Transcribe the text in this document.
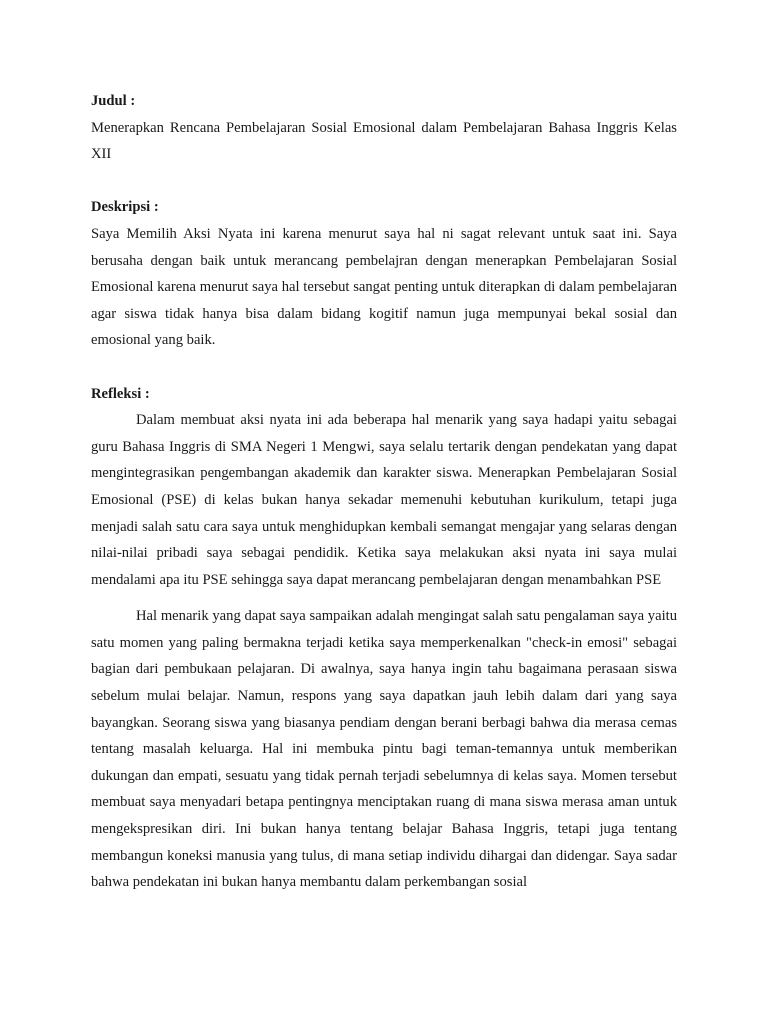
Judul :

Menerapkan Rencana Pembelajaran Sosial Emosional dalam Pembelajaran Bahasa Inggris Kelas XII

Deskripsi :

Saya Memilih Aksi Nyata ini karena menurut saya hal ni sagat relevant untuk saat ini. Saya berusaha dengan baik untuk merancang pembelajran dengan menerapkan Pembelajaran Sosial Emosional karena menurut saya hal tersebut sangat penting untuk diterapkan di dalam pembelajaran agar siswa tidak hanya bisa dalam bidang kogitif namun juga mempunyai bekal sosial dan emosional yang baik.

Refleksi :

Dalam membuat aksi nyata ini ada beberapa hal menarik yang saya hadapi yaitu sebagai guru Bahasa Inggris di SMA Negeri 1 Mengwi, saya selalu tertarik dengan pendekatan yang dapat mengintegrasikan pengembangan akademik dan karakter siswa. Menerapkan Pembelajaran Sosial Emosional (PSE) di kelas bukan hanya sekadar memenuhi kebutuhan kurikulum, tetapi juga menjadi salah satu cara saya untuk menghidupkan kembali semangat mengajar yang selaras dengan nilai-nilai pribadi saya sebagai pendidik. Ketika saya melakukan aksi nyata ini saya mulai mendalami apa itu PSE sehingga saya dapat merancang pembelajaran dengan menambahkan PSE

Hal menarik yang dapat saya sampaikan adalah mengingat salah satu pengalaman saya yaitu satu momen yang paling bermakna terjadi ketika saya memperkenalkan "check-in emosi" sebagai bagian dari pembukaan pelajaran. Di awalnya, saya hanya ingin tahu bagaimana perasaan siswa sebelum mulai belajar. Namun, respons yang saya dapatkan jauh lebih dalam dari yang saya bayangkan. Seorang siswa yang biasanya pendiam dengan berani berbagi bahwa dia merasa cemas tentang masalah keluarga. Hal ini membuka pintu bagi teman-temannya untuk memberikan dukungan dan empati, sesuatu yang tidak pernah terjadi sebelumnya di kelas saya. Momen tersebut membuat saya menyadari betapa pentingnya menciptakan ruang di mana siswa merasa aman untuk mengekspresikan diri. Ini bukan hanya tentang belajar Bahasa Inggris, tetapi juga tentang membangun koneksi manusia yang tulus, di mana setiap individu dihargai dan didengar. Saya sadar bahwa pendekatan ini bukan hanya membantu dalam perkembangan sosial
